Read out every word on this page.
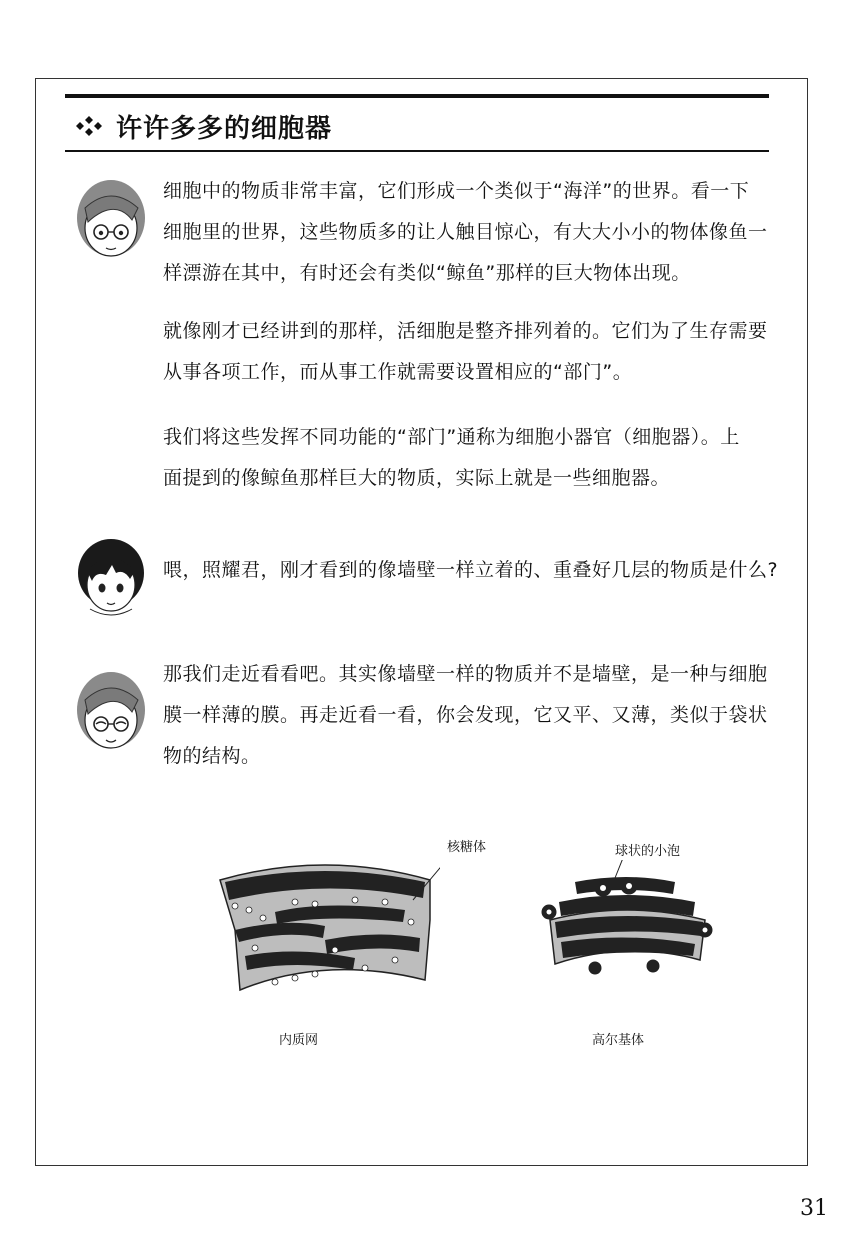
许许多多的细胞器
细胞中的物质非常丰富，它们形成一个类似于“海洋”的世界。看一下
细胞里的世界，这些物质多的让人触目惊心，有大大小小的物体像鱼一
样漂游在其中，有时还会有类似“鲸鱼”那样的巨大物体出现。
就像刚才已经讲到的那样，活细胞是整齐排列着的。它们为了生存需要
从事各项工作，而从事工作就需要设置相应的“部门”。
我们将这些发挥不同功能的“部门”通称为细胞小器官（细胞器）。上
面提到的像鲸鱼那样巨大的物质，实际上就是一些细胞器。
喂，照耀君，刚才看到的像墙壁一样立着的、重叠好几层的物质是什么?
那我们走近看看吧。其实像墙壁一样的物质并不是墙壁，是一种与细胞
膜一样薄的膜。再走近看一看，你会发现，它又平、又薄，类似于袋状
物的结构。
核糖体
内质网
球状的小泡
高尔基体
31
